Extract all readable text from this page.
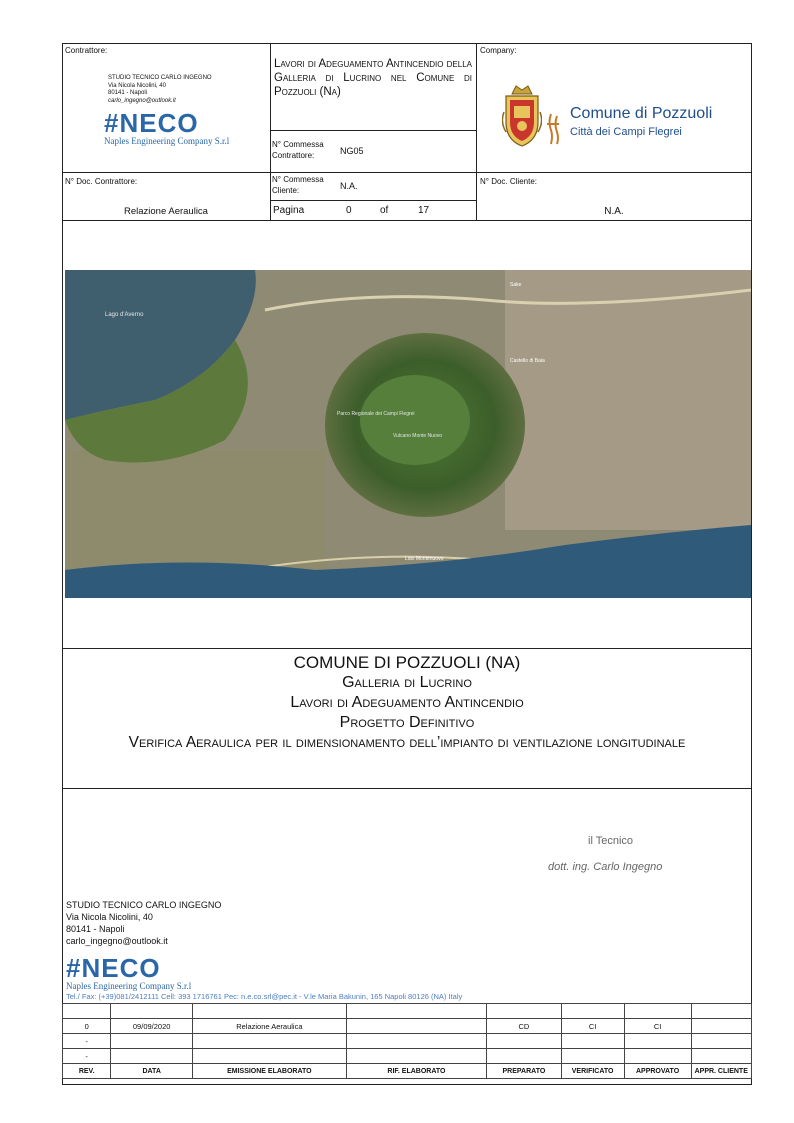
Contrattore:
STUDIO TECNICO CARLO INGEGNO
Via Nicola Nicolini, 40
80141 - Napoli
carlo_ingegno@outlook.it
#NECO
Naples Engineering Company S.r.l
Lavori di Adeguamento Antincendio della Galleria di Lucrino nel Comune di Pozzuoli (Na)
N° Commessa Contrattore:	NG05
Company:
Comune di Pozzuoli
Città dei Campi Flegrei
N° Doc. Contrattore:
Relazione Aeraulica
N° Commessa Cliente:	N.A.
Pagina	0	of	17
N° Doc. Cliente:
N.A.
Lago d'Averno
Parco Regionale dei Campi Flegrei
Vulcano Monte Nuovo
Castello di Baia
Lido Montenuovo
Sake
COMUNE DI POZZUOLI (NA)
Galleria di Lucrino
Lavori di Adeguamento Antincendio
Progetto Definitivo
Verifica Aeraulica per il dimensionamento dell’impianto di ventilazione longitudinale
il Tecnico
dott. ing. Carlo Ingegno
STUDIO TECNICO CARLO INGEGNO
Via Nicola Nicolini, 40
80141 - Napoli
carlo_ingegno@outlook.it
#NECO
Naples Engineering Company S.r.l
Tel./ Fax: (+39)081/2412111 Cell: 393 1716761 Pec: n.e.co.srl@pec.it - V.le Maria Bakunin, 165 Napoli 80126 (NA) Italy

0	09/09/2020	Relazione Aeraulica		CD	CI	CI	
-							
-							
REV.	DATA	EMISSIONE ELABORATO	RIF. ELABORATO	PREPARATO	VERIFICATO	APPROVATO	APPR. CLIENTE
